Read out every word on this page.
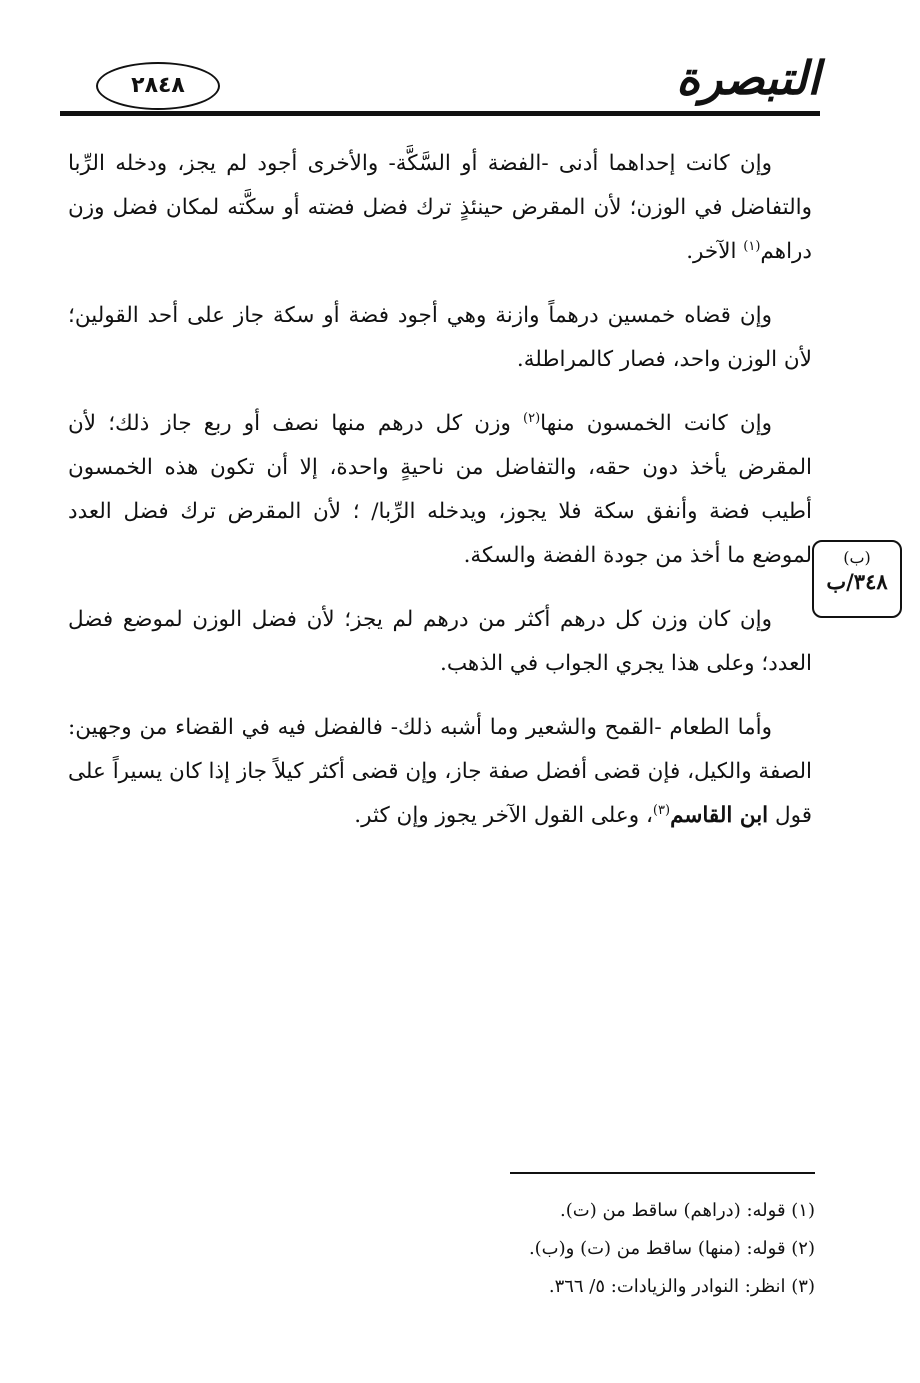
التبصرة
٢٨٤٨

وإن كانت إحداهما أدنى -الفضة أو السَّكَّة- والأخرى أجود لم يجز، ودخله الرِّبا والتفاضل في الوزن؛ لأن المقرض حينئذٍ ترك فضل فضته أو سكَّته لمكان فضل وزن دراهم$^{(١)}$ الآخر.

وإن قضاه خمسين درهماً وازنة وهي أجود فضة أو سكة جاز على أحد القولين؛ لأن الوزن واحد، فصار كالمراطلة.

وإن كانت الخمسون منها$^{(٢)}$ وزن كل درهم منها نصف أو ربع جاز ذلك؛ لأن المقرض يأخذ دون حقه، والتفاضل من ناحيةٍ واحدة، إلا أن تكون هذه الخمسون أطيب فضة وأنفق سكة فلا يجوز، ويدخله الرِّبا/ ؛ لأن المقرض ترك فضل العدد لموضع ما أخذ من جودة الفضة والسكة.

وإن كان وزن كل درهم أكثر من درهم لم يجز؛ لأن فضل الوزن لموضع فضل العدد؛ وعلى هذا يجري الجواب في الذهب.

وأما الطعام -القمح والشعير وما أشبه ذلك- فالفضل فيه في القضاء من وجهين: الصفة والكيل، فإن قضى أفضل صفة جاز، وإن قضى أكثر كيلاً جاز إذا كان يسيراً على قول ابن القاسم$^{(٣)}$، وعلى القول الآخر يجوز وإن كثر.

(ب)
٣٤٨/ب

(١) قوله: (دراهم) ساقط من (ت).

(٢) قوله: (منها) ساقط من (ت) و(ب).

(٣) انظر: النوادر والزيادات: ٥/ ٣٦٦.
